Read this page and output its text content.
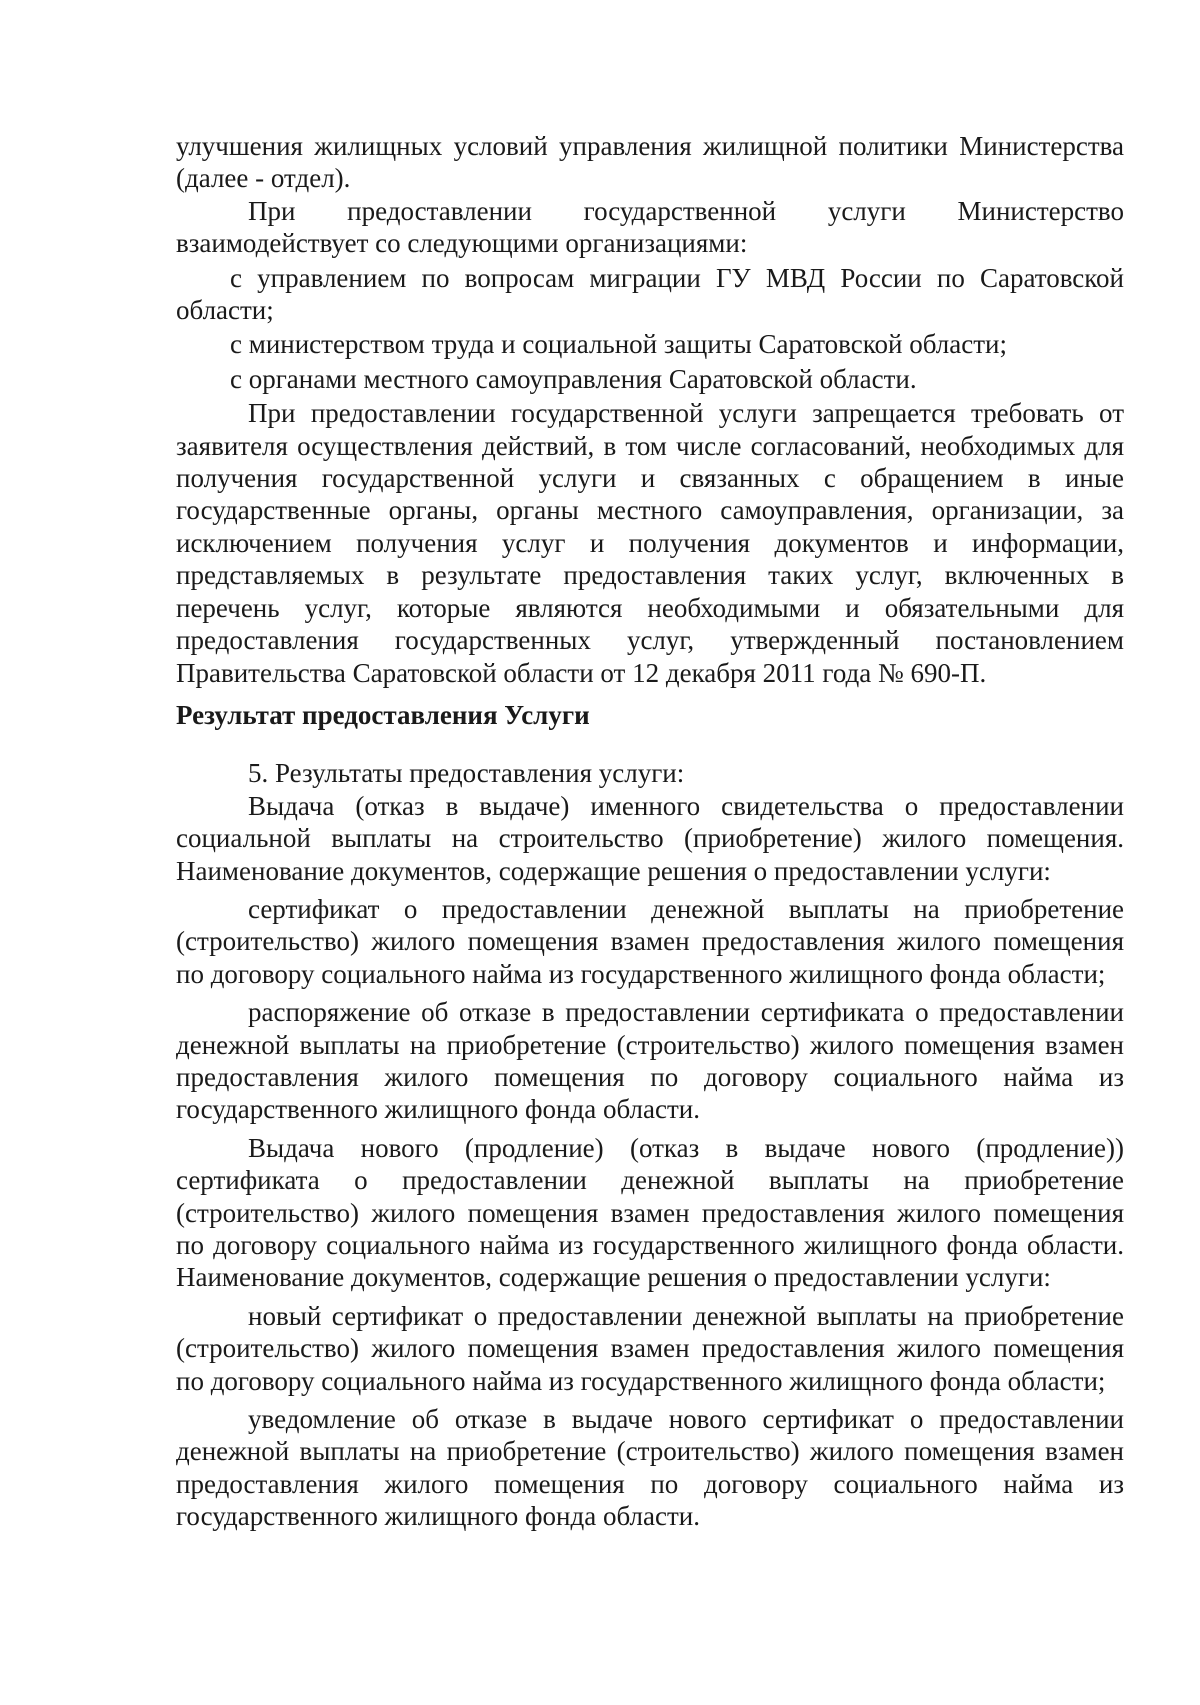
улучшения жилищных условий управления жилищной политики Министерства (далее - отдел).

При предоставлении государственной услуги Министерство взаимодействует со следующими организациями:

с управлением по вопросам миграции ГУ МВД России по Саратовской области;

с министерством труда и социальной защиты Саратовской области;

с органами местного самоуправления Саратовской области.

При предоставлении государственной услуги запрещается требовать от заявителя осуществления действий, в том числе согласований, необходимых для получения государственной услуги и связанных с обращением в иные государственные органы, органы местного самоуправления, организации, за исключением получения услуг и получения документов и информации, представляемых в результате предоставления таких услуг, включенных в перечень услуг, которые являются необходимыми и обязательными для предоставления государственных услуг, утвержденный постановлением Правительства Саратовской области от 12 декабря 2011 года № 690-П.

Результат предоставления Услуги

5. Результаты предоставления услуги:

Выдача (отказ в выдаче) именного свидетельства о предоставлении социальной выплаты на строительство (приобретение) жилого помещения. Наименование документов, содержащие решения о предоставлении услуги:

сертификат о предоставлении денежной выплаты на приобретение (строительство) жилого помещения взамен предоставления жилого помещения по договору социального найма из государственного жилищного фонда области;

распоряжение об отказе в предоставлении сертификата о предоставлении денежной выплаты на приобретение (строительство) жилого помещения взамен предоставления жилого помещения по договору социального найма из государственного жилищного фонда области.

Выдача нового (продление) (отказ в выдаче нового (продление)) сертификата о предоставлении денежной выплаты на приобретение (строительство) жилого помещения взамен предоставления жилого помещения по договору социального найма из государственного жилищного фонда области. Наименование документов, содержащие решения о предоставлении услуги:

новый сертификат о предоставлении денежной выплаты на приобретение (строительство) жилого помещения взамен предоставления жилого помещения по договору социального найма из государственного жилищного фонда области;

уведомление об отказе в выдаче нового сертификат о предоставлении денежной выплаты на приобретение (строительство) жилого помещения взамен предоставления жилого помещения по договору социального найма из государственного жилищного фонда области.
